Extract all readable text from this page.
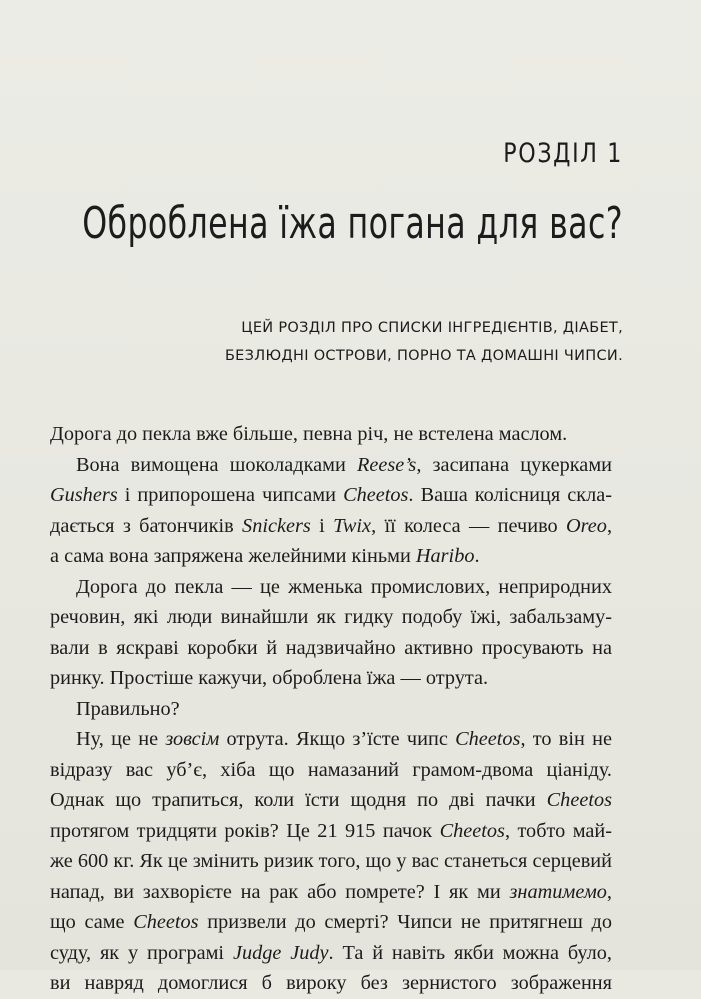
РОЗДІЛ 1
Оброблена їжа погана для вас?
ЦЕЙ РОЗДІЛ ПРО СПИСКИ ІНГРЕДІЄНТІВ, ДІАБЕТ,
БЕЗЛЮДНІ ОСТРОВИ, ПОРНО ТА ДОМАШНІ ЧИПСИ.
Дорога до пекла вже більше, певна річ, не встелена маслом.
Вона вимощена шоколадками Reese’s, засипана цукерками
Gushers і припорошена чипсами Cheetos. Ваша колісниця скла-
дається з батончиків Snickers і Twix, її колеса — печиво Oreo,
а сама вона запряжена желейними кіньми Haribo.
Дорога до пекла — це жменька промислових, неприродних
речовин, які люди винайшли як гидку подобу їжі, забальзаму-
вали в яскраві коробки й надзвичайно активно просувають на
ринку. Простіше кажучи, оброблена їжа — отрута.
Правильно?
Ну, це не зовсім отрута. Якщо з’їсте чипс Cheetos, то він не
відразу вас уб’є, хіба що намазаний грамом-двома ціаніду.
Однак що трапиться, коли їсти щодня по дві пачки Cheetos
протягом тридцяти років? Це 21 915 пачок Cheetos, тобто май-
же 600 кг. Як це змінить ризик того, що у вас станеться серцевий
напад, ви захворієте на рак або помрете? І як ми знатимемо,
що саме Cheetos призвели до смерті? Чипси не притягнеш до
суду, як у програмі Judge Judy. Та й навіть якби можна було,
ви навряд домоглися б вироку без зернистого зображення
